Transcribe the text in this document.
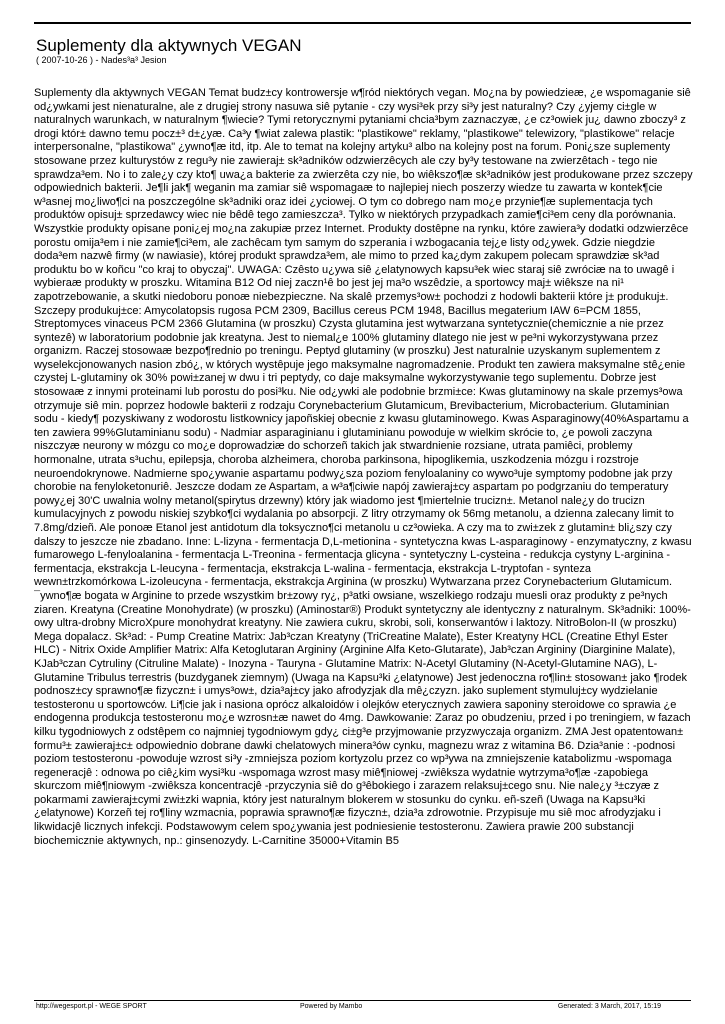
Suplementy dla aktywnych VEGAN
( 2007-10-26 ) - Nades³a³ Jesion

Suplementy dla aktywnych VEGAN Temat budz±cy kontrowersje w¶ród niektórych vegan. Mo¿na by powiedzieæ, ¿e wspomaganie siê od¿ywkami jest nienaturalne, ale z drugiej strony nasuwa siê pytanie - czy wysi³ek przy si³y jest naturalny? Czy ¿yjemy ci±gle w naturalnych warunkach, w naturalnym ¶wiecie? Tymi retorycznymi pytaniami chcia³bym zaznaczyæ, ¿e cz³owiek ju¿ dawno zboczy³ z drogi któr± dawno temu pocz±³ d±¿yæ. Ca³y ¶wiat zalewa plastik: "plastikowe" reklamy, "plastikowe" telewizory, "plastikowe" relacje interpersonalne, "plastikowa" ¿ywno¶æ itd, itp. Ale to temat na kolejny artyku³ albo na kolejny post na forum. Poni¿sze suplementy stosowane przez kulturystów z regu³y nie zawieraj± sk³adników odzwierzêcych ale czy by³y testowane na zwierzêtach - tego nie sprawdza³em. No i to zale¿y czy kto¶ uwa¿a bakterie za zwierzêta czy nie, bo wiêkszo¶æ sk³adników jest produkowane przez szczepy odpowiednich bakterii. Je¶li jak¶ weganin ma zamiar siê wspomagaæ to najlepiej niech poszerzy wiedze tu zawarta w kontek¶cie w³asnej mo¿liwo¶ci na poszczególne sk³adniki oraz idei ¿yciowej. O tym co dobrego nam mo¿e przynie¶æ suplementacja tych produktów opisuj± sprzedawcy wiec nie bêdê tego zamieszcza³. Tylko w niektórych przypadkach zamie¶ci³em ceny dla porównania. Wszystkie produkty opisane poni¿ej mo¿na zakupiæ przez Internet. Produkty dostêpne na rynku, które zawiera³y dodatki odzwierzêce porostu omija³em i nie zamie¶ci³em, ale zachêcam tym samym do szperania i wzbogacania tej¿e listy od¿ywek. Gdzie niegdzie doda³em nazwê firmy (w nawiasie), której produkt sprawdza³em, ale mimo to przed ka¿dym zakupem polecam sprawdziæ sk³ad produktu bo w koñcu "co kraj to obyczaj". UWAGA: Czêsto u¿ywa siê ¿elatynowych kapsu³ek wiec staraj siê zwróciæ na to uwagê i wybieraæ produkty w proszku. Witamina B12 Od niej zaczn¹ê bo jest jej ma³o wszêdzie, a sportowcy maj± wiêksze na ni¹ zapotrzebowanie, a skutki niedoboru ponoæ niebezpieczne. Na skalê przemys³ow± pochodzi z hodowli bakterii które j± produkuj±. Szczepy produkuj±ce: Amycolatopsis rugosa PCM 2309, Bacillus cereus PCM 1948, Bacillus megaterium IAW 6=PCM 1855, Streptomyces vinaceus PCM 2366 Glutamina (w proszku) Czysta glutamina jest wytwarzana syntetycznie(chemicznie a nie przez syntezê) w laboratorium podobnie jak kreatyna. Jest to niemal¿e 100% glutaminy dlatego nie jest w pe³ni wykorzystywana przez organizm. Raczej stosowaæ bezpo¶rednio po treningu. Peptyd glutaminy (w proszku) Jest naturalnie uzyskanym suplementem z wyselekcjonowanych nasion zbó¿, w których wystêpuje jego maksymalne nagromadzenie. Produkt ten zawiera maksymalne stê¿enie czystej L-glutaminy ok 30% powi±zanej w dwu i tri peptydy, co daje maksymalne wykorzystywanie tego suplementu. Dobrze jest stosowaæ z innymi proteinami lub porostu do posi³ku. Nie od¿ywki ale podobnie brzmi±ce: Kwas glutaminowy na skale przemys³owa otrzymuje siê min. poprzez hodowle bakterii z rodzaju Corynebacterium Glutamicum, Brevibacterium, Microbacterium. Glutaminian sodu - kiedy¶ pozyskiwany z wodorostu listkownicy japoñskiej obecnie z kwasu glutaminowego. Kwas Asparaginowy(40%Aspartamu a ten zawiera 99%Glutaminianu sodu) - Nadmiar asparaginianu i glutaminianu powoduje w wielkim skrócie to, ¿e powoli zaczyna niszczyæ neurony w mózgu co mo¿e doprowadziæ do schorzeñ takich jak stwardnienie rozsiane, utrata pamiêci, problemy hormonalne, utrata s³uchu, epilepsja, choroba alzheimera, choroba parkinsona, hipoglikemia, uszkodzenia mózgu i rozstroje neuroendokrynowe. Nadmierne spo¿ywanie aspartamu podwy¿sza poziom fenyloalaniny co wywo³uje symptomy podobne jak przy chorobie na fenyloketonuriê. Jeszcze dodam ze Aspartam, a w³a¶ciwie napój zawieraj±cy aspartam po podgrzaniu do temperatury powy¿ej 30'C uwalnia wolny metanol(spirytus drzewny) który jak wiadomo jest ¶miertelnie trucizn±. Metanol nale¿y do trucizn kumulacyjnych z powodu niskiej szybko¶ci wydalania po absorpcji. Z litry otrzymamy ok 56mg metanolu, a dzienna zalecany limit to 7.8mg/dzieñ. Ale ponoæ Etanol jest antidotum dla toksyczno¶ci metanolu u cz³owieka. A czy ma to zwi±zek z glutamin± bli¿szy czy dalszy to jeszcze nie zbadano. Inne: L-lizyna - fermentacja D,L-metionina - syntetyczna kwas L-asparaginowy - enzymatyczny, z kwasu fumarowego L-fenyloalanina - fermentacja L-Treonina - fermentacja glicyna - syntetyczny L-cysteina - redukcja cystyny L-arginina - fermentacja, ekstrakcja L-leucyna - fermentacja, ekstrakcja L-walina - fermentacja, ekstrakcja L-tryptofan - synteza wewn±trzkomórkowa L-izoleucyna - fermentacja, ekstrakcja Arginina (w proszku) Wytwarzana przez Corynebacterium Glutamicum. ¯ywno¶æ bogata w Arginine to przede wszystkim br±zowy ry¿, p³atki owsiane, wszelkiego rodzaju muesli oraz produkty z pe³nych ziaren. Kreatyna (Creatine Monohydrate) (w proszku) (Aminostar®) Produkt syntetyczny ale identyczny z naturalnym. Sk³adniki: 100%-owy ultra-drobny MicroXpure monohydrat kreatyny. Nie zawiera cukru, skrobi, soli, konserwantów i laktozy. NitroBolon-II (w proszku) Mega dopalacz. Sk³ad: - Pump Creatine Matrix: Jab³czan Kreatyny (TriCreatine Malate), Ester Kreatyny HCL (Creatine Ethyl Ester HLC) - Nitrix Oxide Amplifier Matrix: Alfa Ketoglutaran Argininy (Arginine Alfa Keto-Glutarate), Jab³czan Argininy (Diarginine Malate), KJab³czan Cytruliny (Citruline Malate) - Inozyna - Tauryna - Glutamine Matrix: N-Acetyl Glutaminy (N-Acetyl-Glutamine NAG), L-Glutamine Tribulus terrestris (buzdyganek ziemnym) (Uwaga na Kapsu³ki ¿elatynowe) Jest jedenoczna ro¶lin± stosowan± jako ¶rodek podnosz±cy sprawno¶æ fizyczn± i umys³ow±, dzia³aj±cy jako afrodyzjak dla mê¿czyzn. jako suplement stymuluj±cy wydzielanie testosteronu u sportowców. Li¶cie jak i nasiona oprócz alkaloidów i olejków eterycznych zawiera saponiny steroidowe co sprawia ¿e endogenna produkcja testosteronu mo¿e wzrosn±æ nawet do 4mg. Dawkowanie: Zaraz po obudzeniu, przed i po treningiem, w fazach kilku tygodniowych z odstêpem co najmniej tygodniowym gdy¿ ci±g³e przyjmowanie przyzwyczaja organizm. ZMA Jest opatentowan± formu³± zawieraj±c± odpowiednio dobrane dawki chelatowych minera³ów cynku, magnezu wraz z witamina B6. Dzia³anie : -podnosi poziom testosteronu -powoduje wzrost si³y -zmniejsza poziom kortyzolu przez co wp³ywa na zmniejszenie katabolizmu -wspomaga regeneracjê : odnowa po ciê¿kim wysi³ku -wspomaga wzrost masy miê¶niowej -zwiêksza wydatnie wytrzyma³o¶æ -zapobiega skurczom miê¶niowym -zwiêksza koncentracjê -przyczynia siê do g³êbokiego i zarazem relaksuj±cego snu. Nie nale¿y ³±czyæ z pokarmami zawieraj±cymi zwi±zki wapnia, który jest naturalnym blokerem w stosunku do cynku. eñ-szeñ (Uwaga na Kapsu³ki ¿elatynowe) Korzeñ tej ro¶liny wzmacnia, poprawia sprawno¶æ fizyczn±, dzia³a zdrowotnie. Przypisuje mu siê moc afrodyzjaku i likwidacjê licznych infekcji. Podstawowym celem spo¿ywania jest podniesienie testosteronu. Zawiera prawie 200 substancji biochemicznie aktywnych, np.: ginsenozydy. L-Carnitine 35000+Vitamin B5

http://wegesport.pl - WEGE SPORT	Powered by Mambo	Generated: 3 March, 2017, 15:19
